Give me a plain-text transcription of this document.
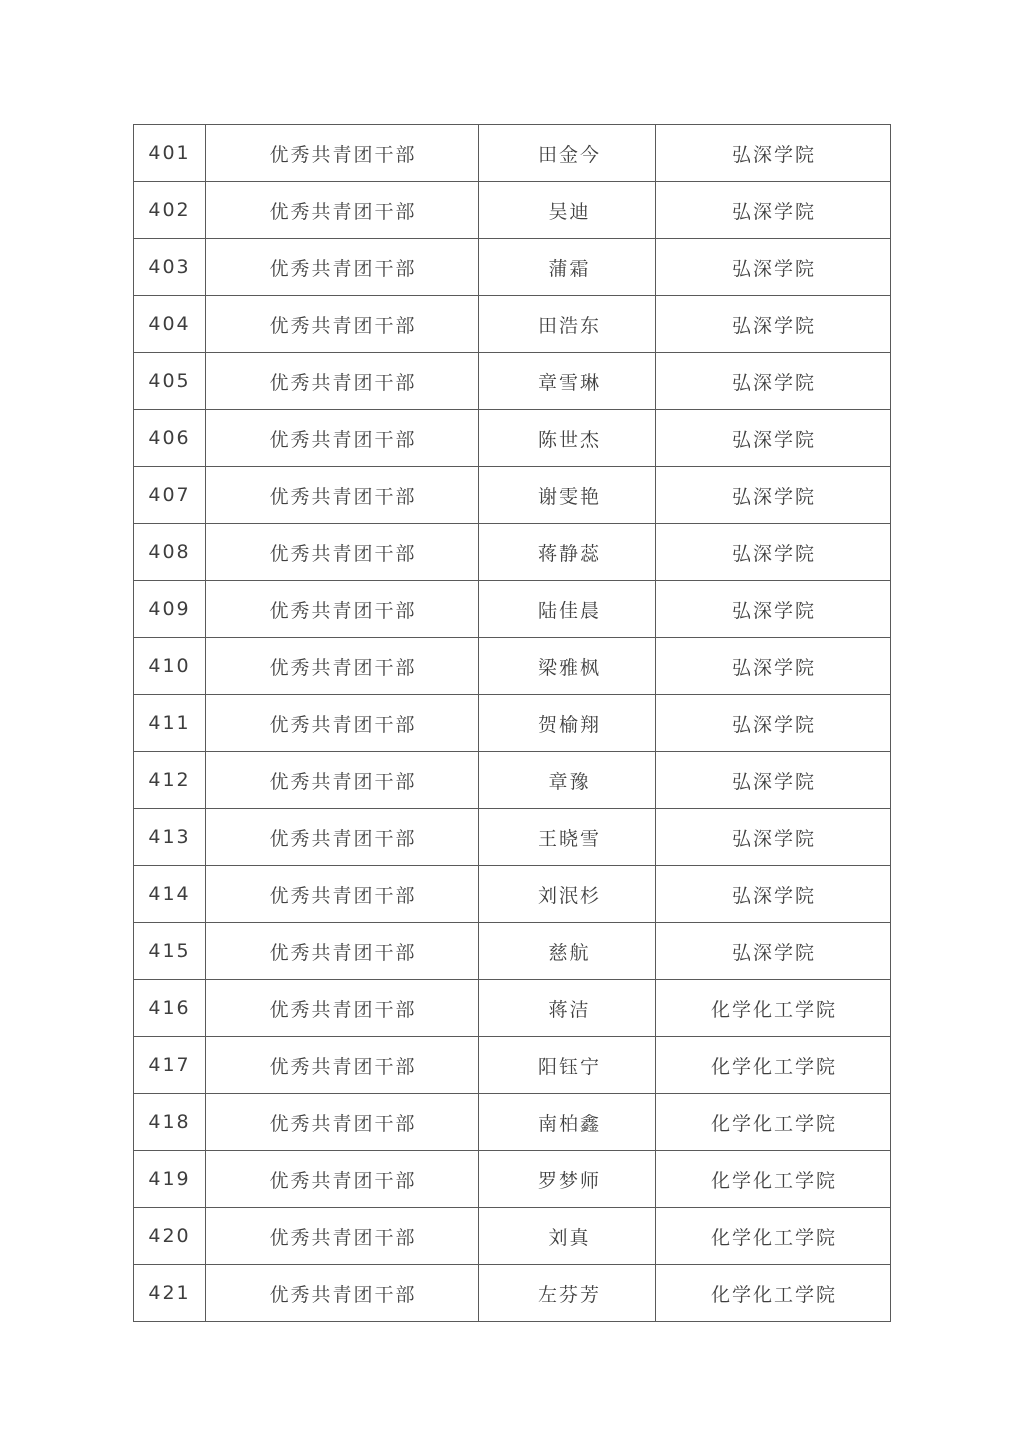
401	优秀共青团干部	田金今	弘深学院
402	优秀共青团干部	吴迪	弘深学院
403	优秀共青团干部	蒲霜	弘深学院
404	优秀共青团干部	田浩东	弘深学院
405	优秀共青团干部	章雪琳	弘深学院
406	优秀共青团干部	陈世杰	弘深学院
407	优秀共青团干部	谢雯艳	弘深学院
408	优秀共青团干部	蒋静蕊	弘深学院
409	优秀共青团干部	陆佳晨	弘深学院
410	优秀共青团干部	梁雅枫	弘深学院
411	优秀共青团干部	贺榆翔	弘深学院
412	优秀共青团干部	章豫	弘深学院
413	优秀共青团干部	王晓雪	弘深学院
414	优秀共青团干部	刘泯杉	弘深学院
415	优秀共青团干部	慈航	弘深学院
416	优秀共青团干部	蒋洁	化学化工学院
417	优秀共青团干部	阳钰宁	化学化工学院
418	优秀共青团干部	南柏鑫	化学化工学院
419	优秀共青团干部	罗梦师	化学化工学院
420	优秀共青团干部	刘真	化学化工学院
421	优秀共青团干部	左芬芳	化学化工学院
